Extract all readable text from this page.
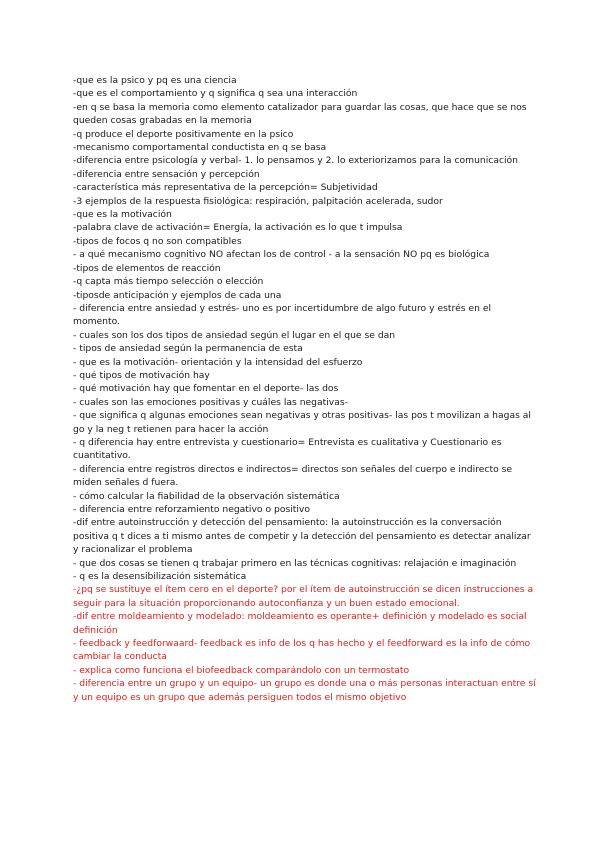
-que es la psico y pq es una ciencia
-que es el comportamiento y q significa q sea una interacción
-en q se basa la memoria como elemento catalizador para guardar las cosas, que hace que se nos queden cosas grabadas en la memoria
-q produce el deporte positivamente en la psico
-mecanismo comportamental conductista en q se basa
-diferencia entre psicología y verbal- 1. lo pensamos y 2. lo exteriorizamos para la comunicación
-diferencia entre sensación y percepción
-característica más representativa de la percepción= Subjetividad
-3 ejemplos de la respuesta fisiológica: respiración, palpitación acelerada, sudor
-que es la motivación
-palabra clave de activación= Energía, la activación es lo que t impulsa
-tipos de focos q no son compatibles
- a qué mecanismo cognitivo NO afectan los de control - a la sensación NO pq es biológica
-tipos de elementos de reacción
-q capta más tiempo selección o elección
-tiposde anticipación y ejemplos de cada una
- diferencia entre ansiedad y estrés- uno es por incertidumbre de algo futuro y estrés en el momento.
- cuales son los dos tipos de ansiedad según el lugar en el que se dan
- tipos de ansiedad según la permanencia de esta
- que es la motivación- orientación y la intensidad del esfuerzo
- qué tipos de motivación hay
- qué motivación hay que fomentar en el deporte- las dos
- cuales son las emociones positivas y cuáles las negativas-
- que significa q algunas emociones sean negativas y otras positivas- las pos t movilizan a hagas al go y la neg t retienen para hacer la acción
- q diferencia hay entre entrevista y cuestionario= Entrevista es cualitativa y Cuestionario es cuantitativo.
- diferencia entre registros directos e indirectos= directos son señales del cuerpo e indirecto se miden señales d fuera.
- cómo calcular la fiabilidad de la observación sistemática
- diferencia entre reforzamiento negativo o positivo
-dif entre autoinstrucción y detección del pensamiento: la autoinstrucción es la conversación positiva q t dices a ti mismo antes de competir y la detección del pensamiento es detectar analizar y racionalizar el problema
- que dos cosas se tienen q trabajar primero en las técnicas cognitivas: relajación e imaginación
- q es la desensibilización sistemática
-¿pq se sustituye el ítem cero en el deporte? por el ítem de autoinstrucción se dicen instrucciones a seguir para la situación proporcionando autoconfianza y un buen estado emocional.
-dif entre moldeamiento y modelado: moldeamiento es operante+ definición y modelado es social definición
- feedback y feedforwaard- feedback es info de los q has hecho y el feedforward es la info de cómo cambiar la conducta
- explica como funciona el biofeedback comparándolo con un termostato
- diferencia entre un grupo y un equipo- un grupo es donde una o más personas interactuan entre sí y un equipo es un grupo que además persiguen todos el mismo objetivo
